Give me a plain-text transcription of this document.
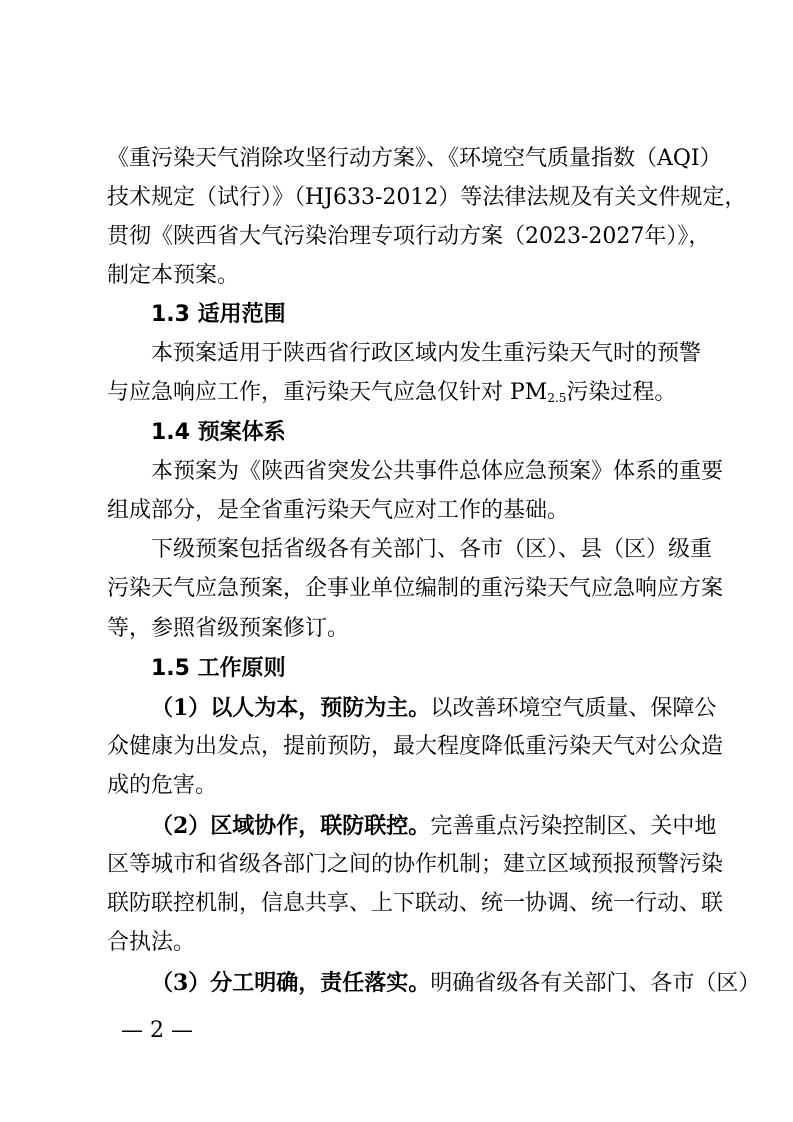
《重污染天气消除攻坚行动方案》、《环境空气质量指数（AQI）
技术规定（试行）》（HJ633-2012）等法律法规及有关文件规定，
贯彻《陕西省大气污染治理专项行动方案（2023-2027年）》，
制定本预案。
1.3 适用范围
本预案适用于陕西省行政区域内发生重污染天气时的预警
与应急响应工作，重污染天气应急仅针对 $PM_{2.5}$污染过程。
1.4 预案体系
本预案为《陕西省突发公共事件总体应急预案》体系的重要
组成部分，是全省重污染天气应对工作的基础。
下级预案包括省级各有关部门、各市（区）、县（区）级重
污染天气应急预案，企事业单位编制的重污染天气应急响应方案
等，参照省级预案修订。
1.5 工作原则
（1）以人为本，预防为主。以改善环境空气质量、保障公
众健康为出发点，提前预防，最大程度降低重污染天气对公众造
成的危害。
（2）区域协作，联防联控。完善重点污染控制区、关中地
区等城市和省级各部门之间的协作机制；建立区域预报预警污染
联防联控机制，信息共享、上下联动、统一协调、统一行动、联
合执法。
（3）分工明确，责任落实。明确省级各有关部门、各市（区）
— 2 —
